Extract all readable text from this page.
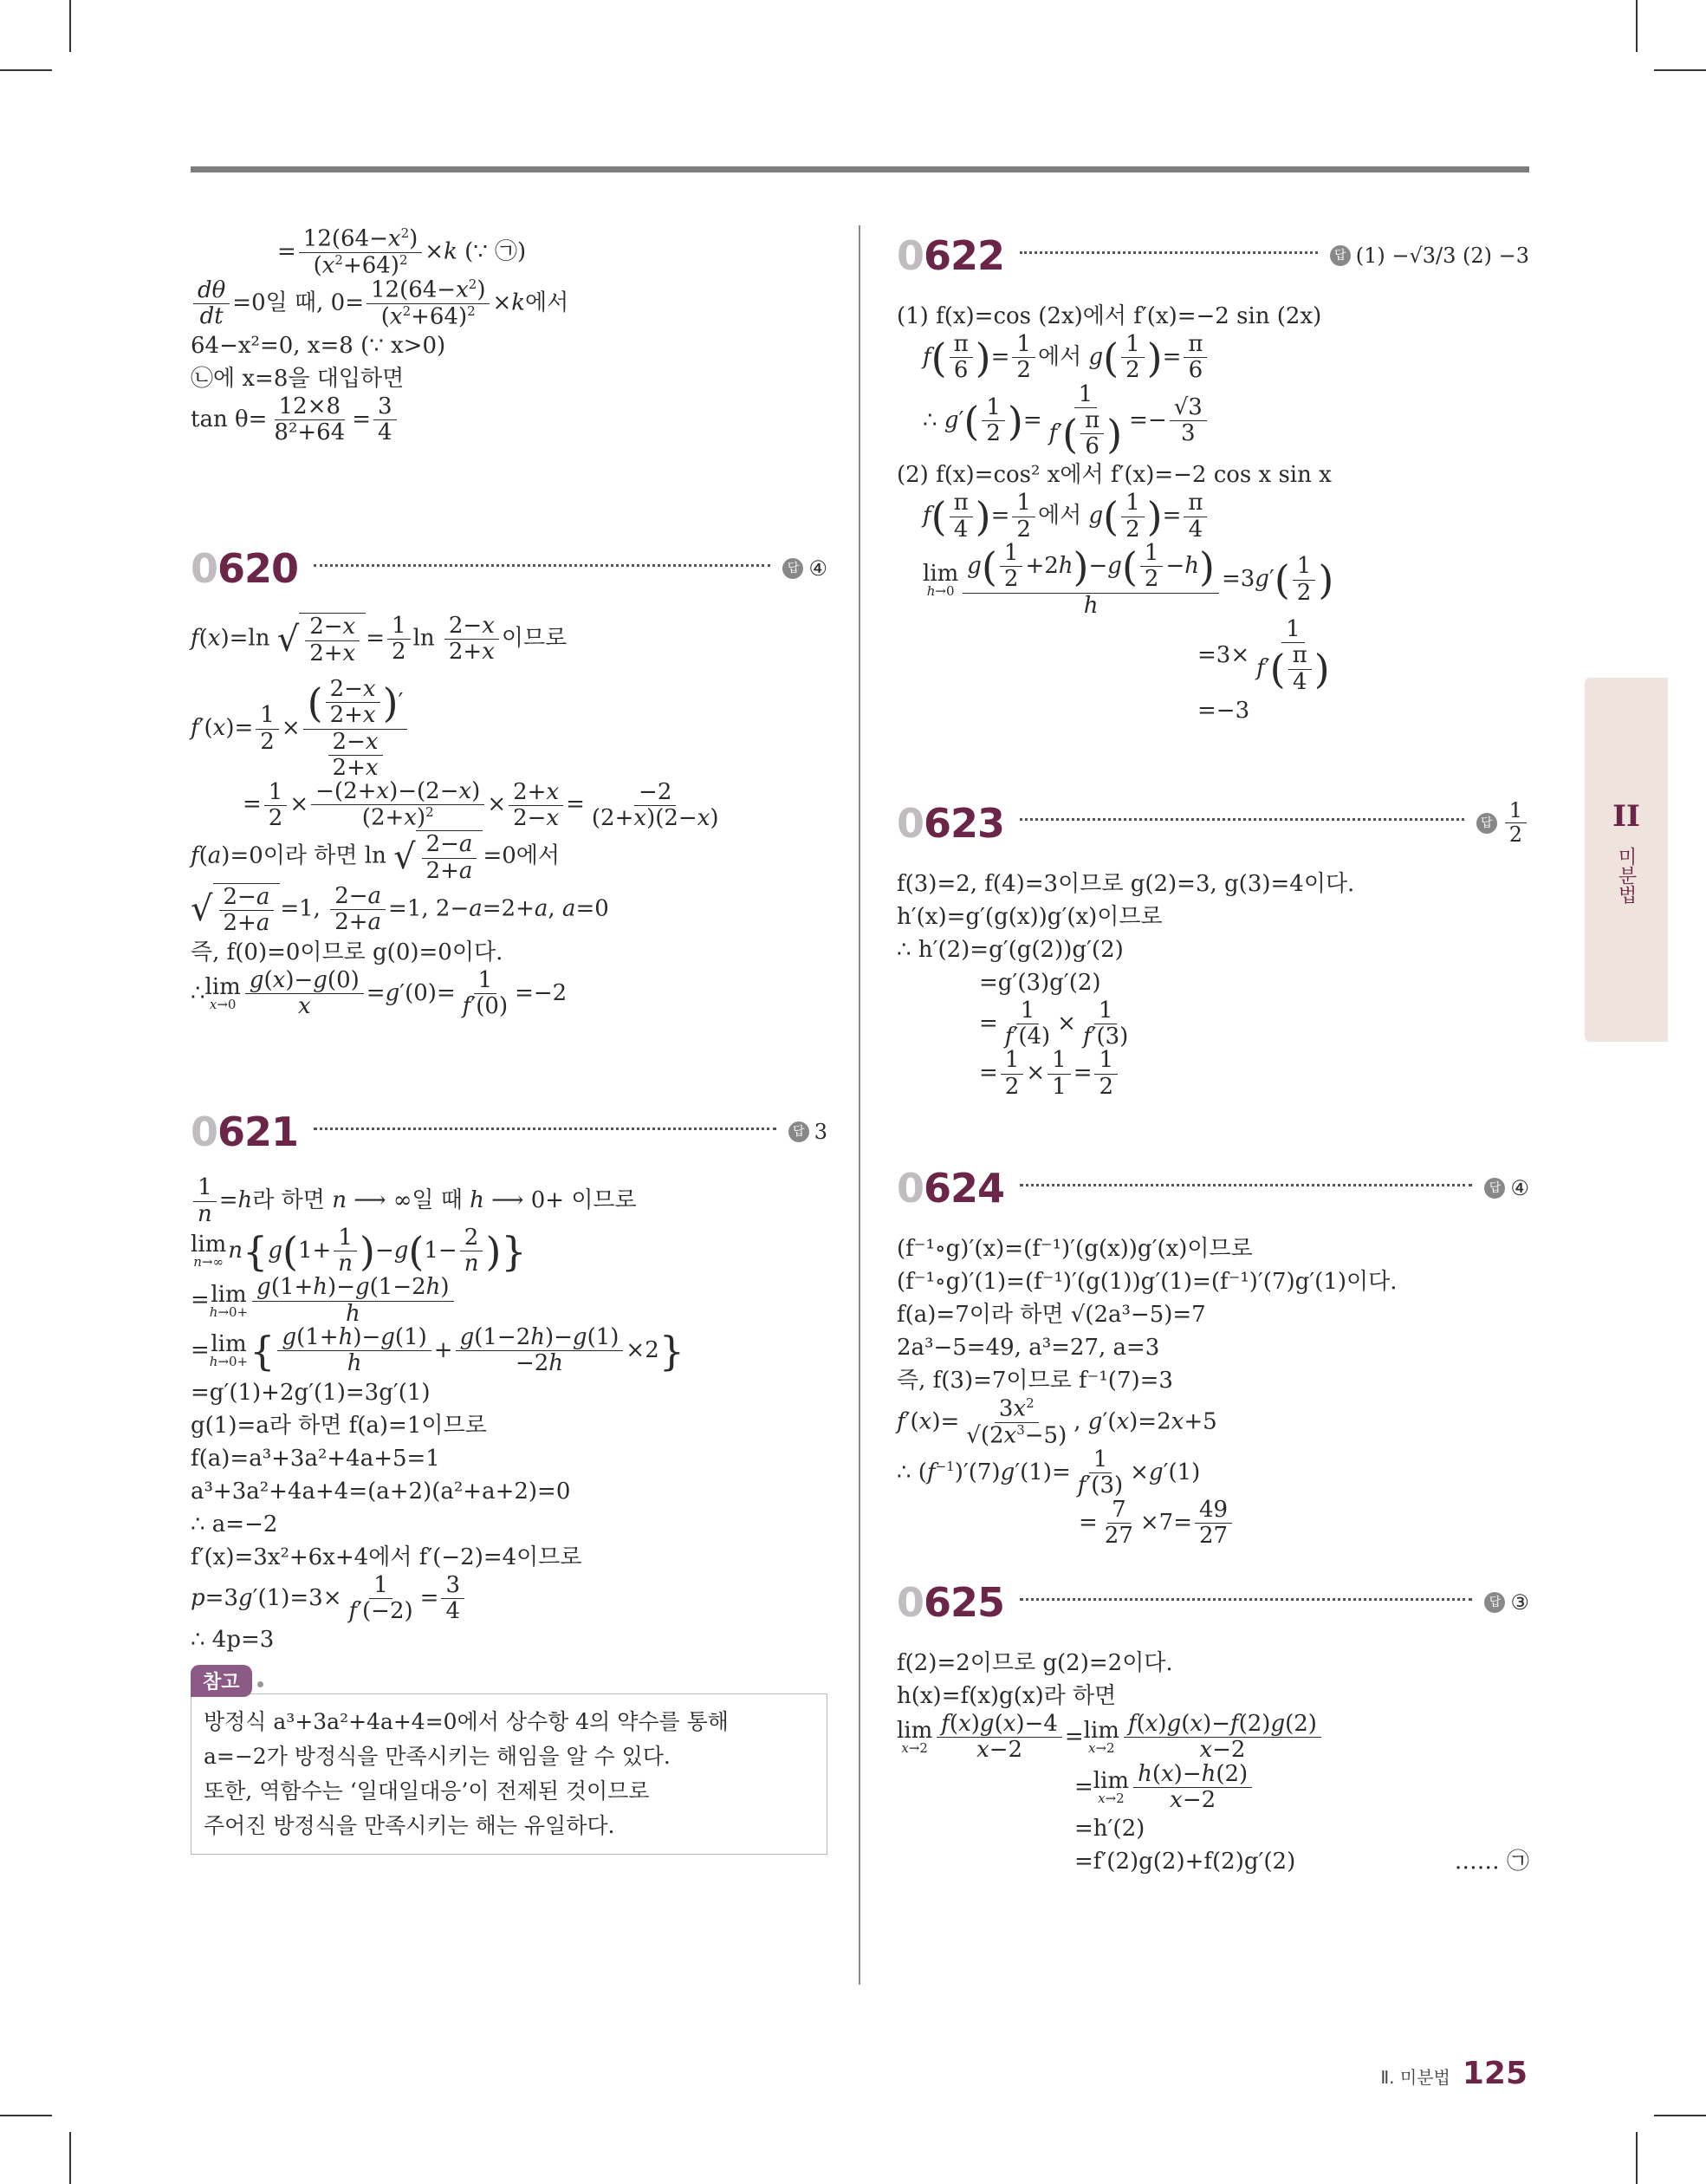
= $\frac{12(64-x^2)}{(x^2+64)^2} \times k$ (∵ ㉠)
$\frac{d\theta}{dt} =0$일 때, $0= \frac{12(64-x^2)}{(x^2+64)^2} \times k$에서
64−x²=0, x=8 (∵ x>0)
㉡에 x=8을 대입하면
$\tan \theta= \frac{12\times 8}{\text{8²+64}} = \frac{3}{4}$
0 620	답 ④
f(x)=ln √ $\frac{2-x}{2+x} = \frac{1}{2}$ $\ln \frac{2-x}{2+x}$ 이므로
$f'(x)= \frac{1}{2} \times \frac{( \frac{2-x}{2+x} )'}{\frac{2-x}{2+x}}$
= $\frac{1}{2} \times \frac{-(2+x)-(2-x)}{(2+x)^2} \times \frac{2+x}{2-x} = \frac{-2}{(2+x)(2-x)}$
f(a)=0이라 하면 ln √ $\frac{2-a}{2+a} =0$에서
√ $\frac{2-a}{2+a} =1$, $\frac{2-a}{2+a} =1$, 2−a=2+a, a=0
즉, f(0)=0이므로 g(0)=0이다.
∴ lim
$x\to 0 \frac{g(x)-g(0)}{x} =g'(0)= \frac{1}{f'(0)} =-2$
0 621	답 3
$\frac{1}{n} =h$라 하면 n ⟶ ∞일 때 h ⟶ 0+ 이므로
lim
n→∞ $n\{g(1+ \frac{1}{n} )-g(1- \frac{2}{n}$ )}
= lim
$h\to 0+ \frac{g(1+h)-g(1-2h)}{h}$
= lim
h→0+ { $\frac{g(1+h)-g(1)}{h} + \frac{g(1-2h)-g(1)}{-2h} \times 2$}
=g′(1)+2g′(1)=3g′(1)
g(1)=a라 하면 f(a)=1이므로
f(a)=a³+3a²+4a+5=1
a³+3a²+4a+4=(a+2)(a²+a+2)=0
∴ a=−2
f′(x)=3x²+6x+4에서 f′(−2)=4이므로
$p=3g'(1)=3\times \frac{1}{f'(-2)} = \frac{3}{4}$
∴ 4p=3
참고
방정식 a³+3a²+4a+4=0에서 상수항 4의 약수를 통해
a=−2가 방정식을 만족시키는 해임을 알 수 있다.
또한, 역함수는 ‘일대일대응’이 전제된 것이므로
주어진 방정식을 만족시키는 해는 유일하다.
0 622	답 (1) −√3/3 (2) −3
(1) f(x)=cos (2x)에서 f′(x)=−2 sin (2x)
$f( \frac{\pi}{6}$ )= $\frac{1}{2}$ 에서 $g( \frac{1}{2}$ )= $\frac{\pi}{6}$
∴ $g'( \frac{1}{2}$ )= $\frac{1}{f'( \frac{\pi}{6} )} =- \frac{√3}{3}$
(2) f(x)=cos² x에서 f′(x)=−2 cos x sin x
$f( \frac{\pi}{4}$ )= $\frac{1}{2}$ 에서 $g( \frac{1}{2}$ )= $\frac{\pi}{4}$
lim
$h\to 0 \frac{g( \frac{1}{2} +2h)-g( \frac{1}{2} -h)}{h} =3g'( \frac{1}{2}$ )
$=3\times \frac{1}{f'( \frac{\pi}{4} )}$
=−3
0 623	답 $\frac{1}{2}$
f(3)=2, f(4)=3이므로 g(2)=3, g(3)=4이다.
h′(x)=g′(g(x))g′(x)이므로
∴ h′(2)=g′(g(2))g′(2)
=g′(3)g′(2)
= $\frac{1}{f'(4)} \times \frac{1}{f'(3)}$
= $\frac{1}{2} \times \frac{1}{1} = \frac{1}{2}$
0 624	답 ④
(f⁻¹∘g)′(x)=(f⁻¹)′(g(x))g′(x)이므로
(f⁻¹∘g)′(1)=(f⁻¹)′(g(1))g′(1)=(f⁻¹)′(7)g′(1)이다.
f(a)=7이라 하면 √(2a³−5)=7
2a³−5=49, a³=27, a=3
즉, f(3)=7이므로 f⁻¹(7)=3
$f'(x)= \frac{3x^2}{√(2x^3-5)}$ , g′(x)=2x+5
∴ $(f^{-1})'(7)g'(1)= \frac{1}{f'(3)} \times g'(1)$
= $\frac{7}{27} \times 7= \frac{49}{27}$
0 625	답 ③
f(2)=2이므로 g(2)=2이다.
h(x)=f(x)g(x)라 하면
lim
$x\to 2 \frac{f(x)g(x)-4}{x-2} = \lim$
$x\to 2 \frac{f(x)g(x)-f(2)g(2)}{x-2}$
= lim
$x\to 2 \frac{h(x)-h(2)}{x-2}$
=h′(2)
=f′(2)g(2)+f(2)g′(2)	…… ㉠
II
미분법
Ⅱ. 미분법 125
